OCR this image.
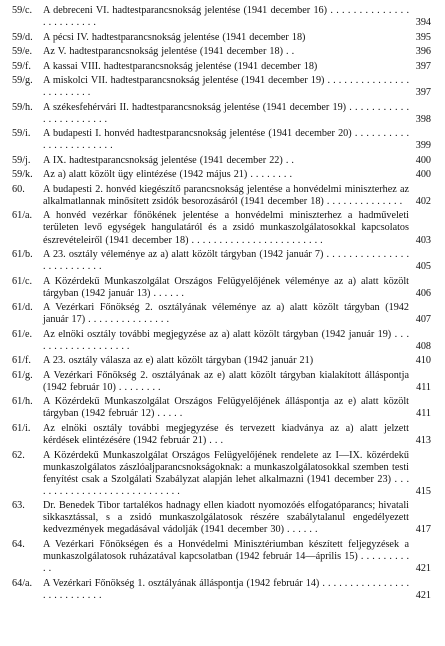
59/c.	A debreceni VI. hadtestparancsnokság jelentése (1941 december 16) . . . . . . . . . . . . . . . . . . . . . . . .	394
59/d.	A pécsi IV. hadtestparancsnokság jelentése (1941 december 18)	395
59/e.	Az V. hadtestparancsnokság jelentése (1941 december 18) . .	396
59/f.	A kassai VIII. hadtestparancsnokság jelentése (1941 december 18)	397
59/g.	A miskolci VII. hadtestparancsnokság jelentése (1941 december 19) . . . . . . . . . . . . . . . . . . . . . . . .	397
59/h.	A székesfehérvári II. hadtestparancsnokság jelentése (1941 december 19) . . . . . . . . . . . . . . . . . . . . . . .	398
59/i.	A budapesti I. honvéd hadtestparancsnokság jelentése (1941 december 20) . . . . . . . . . . . . . . . . . . . . . . .	399
59/j.	A IX. hadtestparancsnokság jelentése (1941 december 22) . .	400
59/k.	Az a) alatt közölt ügy elintézése (1942 május 21) . . . . . . . .	400
60.	A budapesti 2. honvéd kiegészítő parancsnokság jelentése a honvédelmi miniszterhez az alkalmatlannak minősített zsidók besorozásáról (1941 december 18) . . . . . . . . . . . . . .	402
61/a.	A honvéd vezérkar főnökének jelentése a honvédelmi miniszterhez a hadműveleti területen levő egységek hangulatáról és a zsidó munkaszolgálatosokkal kapcsolatos észrevételeiről (1941 december 18) . . . . . . . . . . . . . . . . . . . . . . . .	403
61/b.	A 23. osztály véleménye az a) alatt közölt tárgyban (1942 január 7) . . . . . . . . . . . . . . . . . . . . . . . . . .	405
61/c.	A Közérdekű Munkaszolgálat Országos Felügyelőjének véleménye az a) alatt közölt tárgyban (1942 január 13) . . . . . .	406
61/d.	A Vezérkari Főnökség 2. osztályának véleménye az a) alatt közölt tárgyban (1942 január 17) . . . . . . . . . . . . . . .	407
61/e.	Az elnöki osztály további megjegyzése az a) alatt közölt tárgyban (1942 január 19) . . . . . . . . . . . . . . . . . . .	408
61/f.	A 23. osztály válasza az e) alatt közölt tárgyban (1942 január 21)	410
61/g.	A Vezérkari Főnökség 2. osztályának az e) alatt közölt tárgyban kialakított álláspontja (1942 február 10) . . . . . . . .	411
61/h.	A Közérdekű Munkaszolgálat Országos Felügyelőjének álláspontja az e) alatt közölt tárgyban (1942 február 12) . . . . .	411
61/i.	Az elnöki osztály további megjegyzése és tervezett kiadványa az a) alatt jelzett kérdések elintézésére (1942 február 21) . . .	413
62.	A Közérdekű Munkaszolgálat Országos Felügyelőjének rendelete az I—IX. közérdekű munkaszolgálatos zászlóaljparancsnokságoknak: a munkaszolgálatosokkal szemben testi fenyítést csak a Szolgálati Szabályzat alapján lehet alkalmazni (1941 december 23) . . . . . . . . . . . . . . . . . . . . . . . . . . . .	415
63.	Dr. Benedek Tibor tartalékos hadnagy ellen kiadott nyomozóés elfogatóparancs; hivatali sikkasztással, s a zsidó munkaszolgálatosok részére szabálytalanul engedélyezett kedvezmények megadásával vádolják (1941 december 30) . . . . . .	417
64.	A Vezérkari Főnökségen és a Honvédelmi Minisztériumban készített feljegyzések a munkaszolgálatosok ruházatával kapcsolatban (1942 február 14—április 15) . . . . . . . . . . .	421
64/a.	A Vezérkari Főnökség 1. osztályának álláspontja (1942 február 14) . . . . . . . . . . . . . . . . . . . . . . . . . . .	421
